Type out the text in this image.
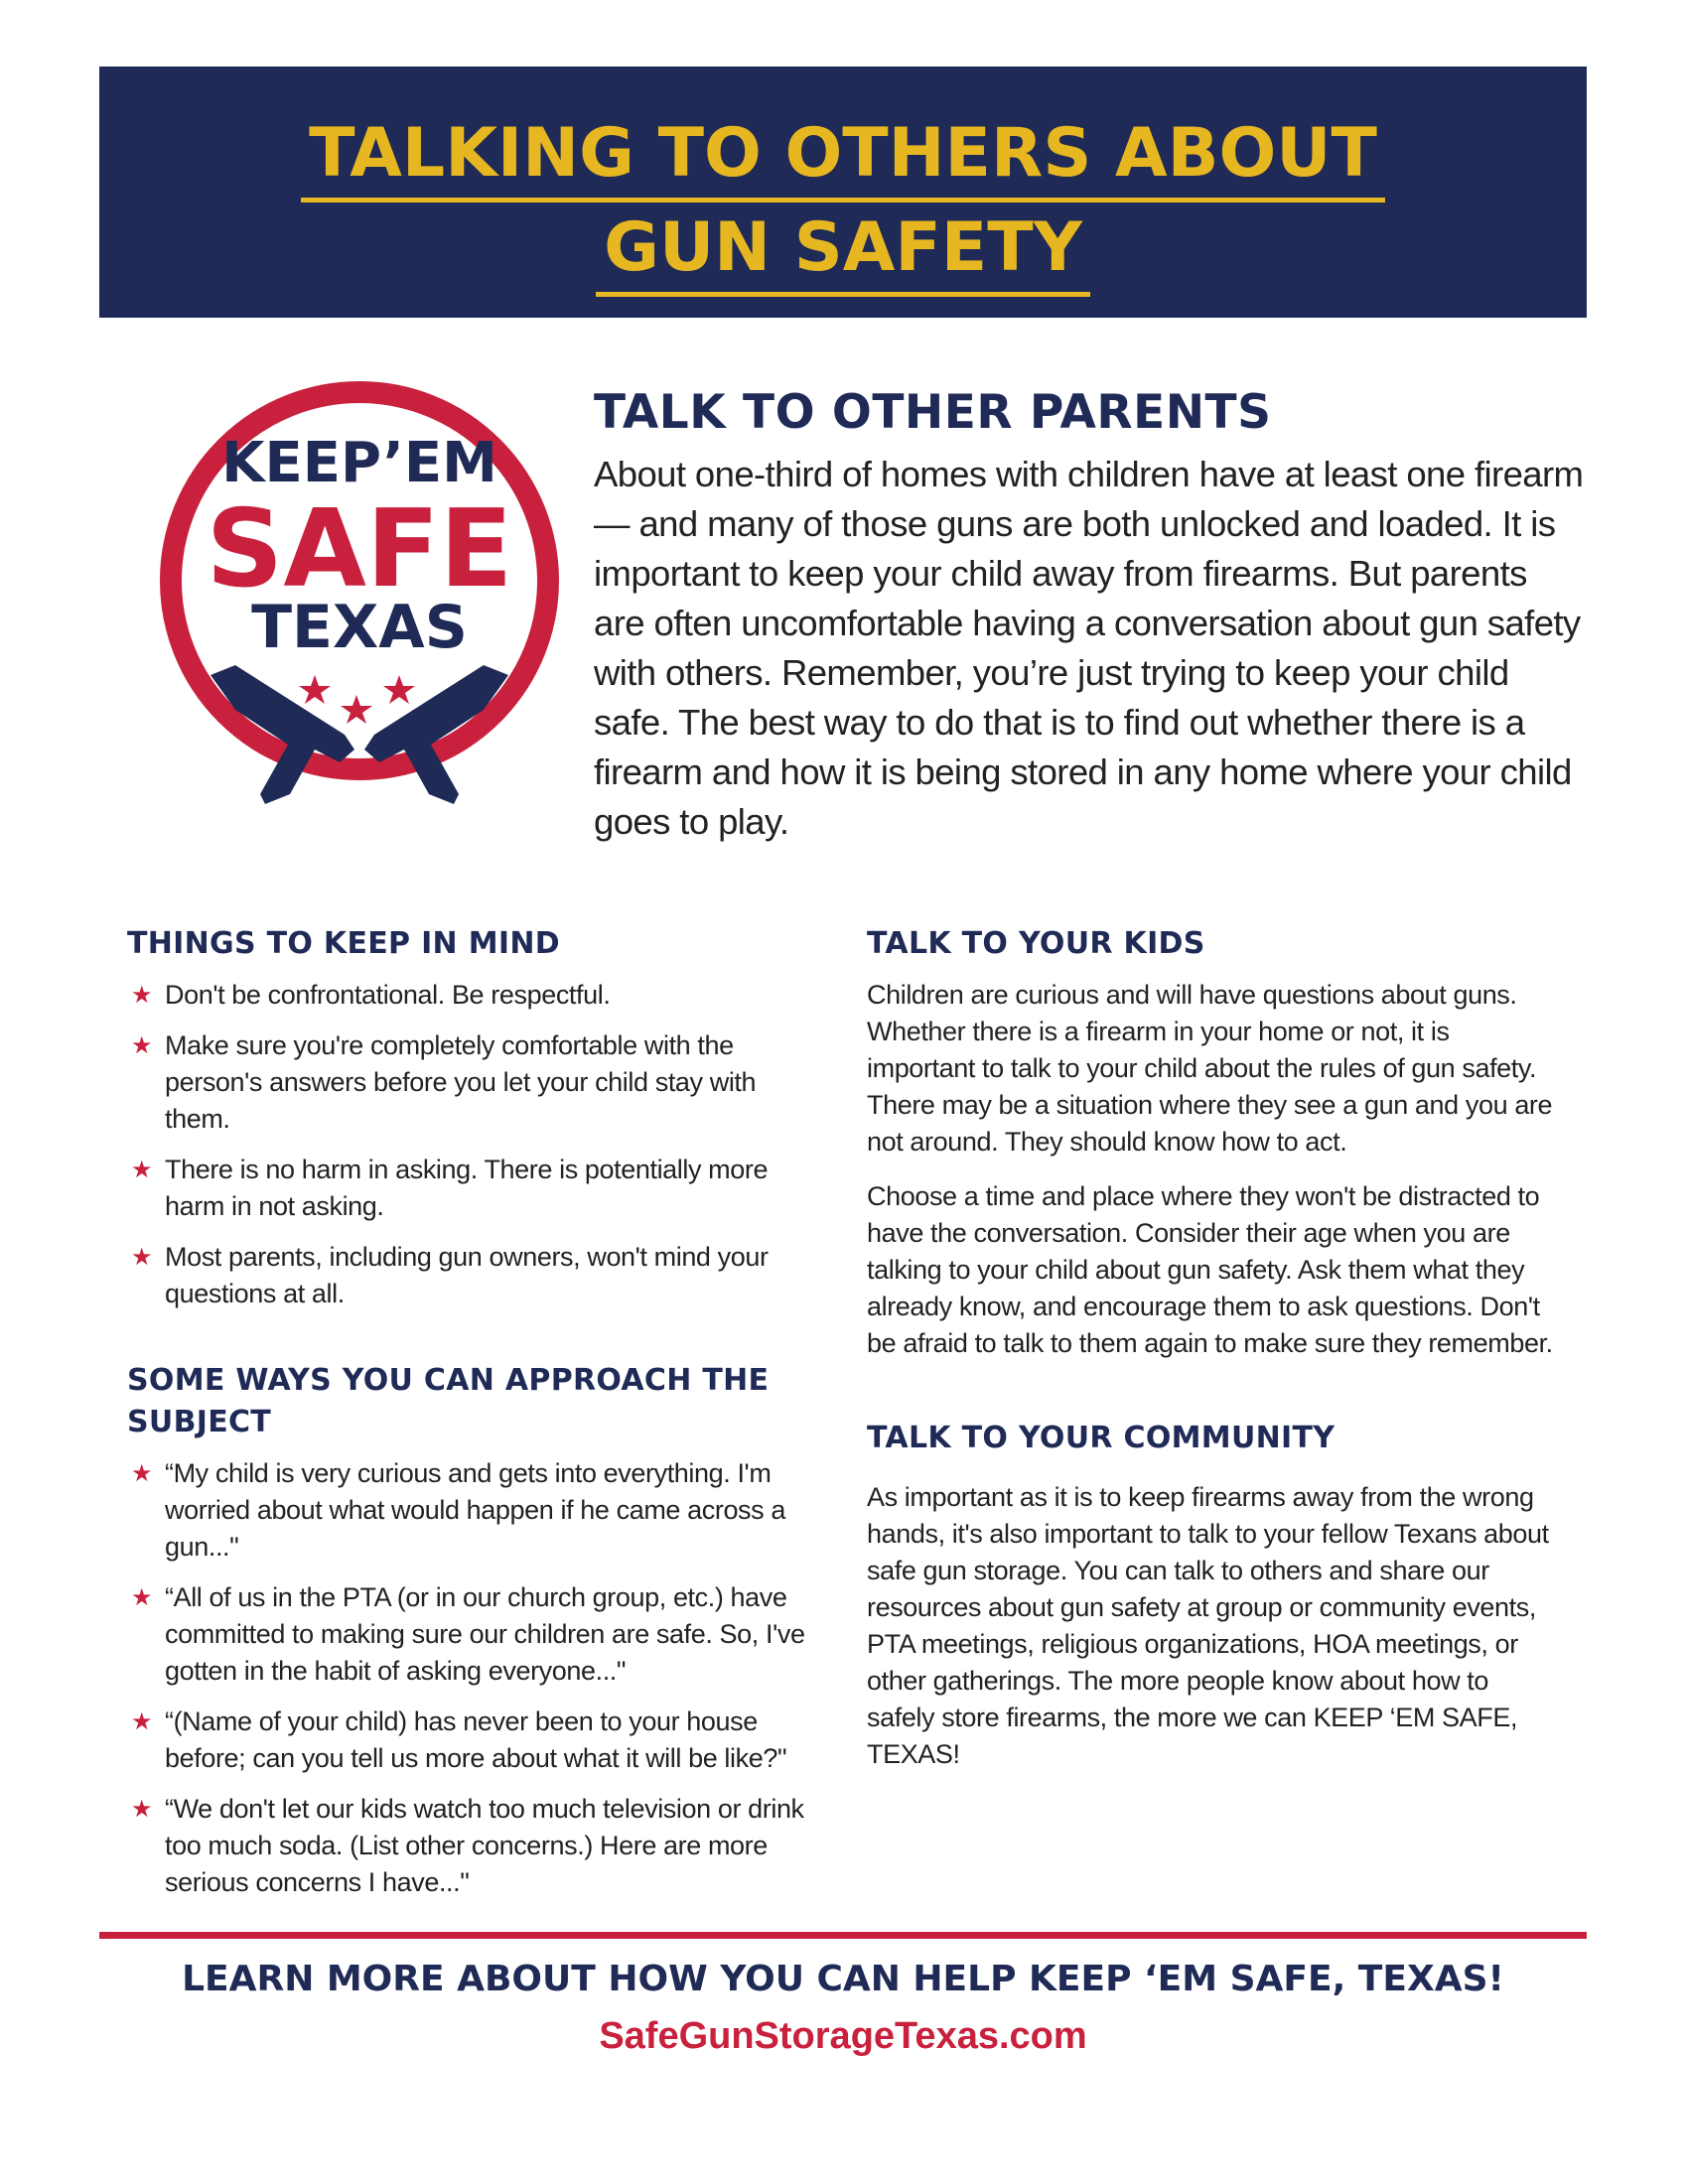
TALKING TO OTHERS ABOUT
GUN SAFETY
KEEP’EM
SAFE
TEXAS
TALK TO OTHER PARENTS

About one-third of homes with children have at least one firearm — and many of those guns are both unlocked and loaded. It is important to keep your child away from firearms. But parents are often uncomfortable having a conversation about gun safety with others. Remember, you’re just trying to keep your child safe. The best way to do that is to find out whether there is a firearm and how it is being stored in any home where your child goes to play.

THINGS TO KEEP IN MIND
★ Don't be confrontational. Be respectful.
★ Make sure you're completely comfortable with the person's answers before you let your child stay with them.
★ There is no harm in asking. There is potentially more harm in not asking.
★ Most parents, including gun owners, won't mind your questions at all.
SOME WAYS YOU CAN APPROACH THE SUBJECT
★ “My child is very curious and gets into everything. I'm worried about what would happen if he came across a gun..."
★ “All of us in the PTA (or in our church group, etc.) have committed to making sure our children are safe. So, I've gotten in the habit of asking everyone..."
★ “(Name of your child) has never been to your house before; can you tell us more about what it will be like?"
★ “We don't let our kids watch too much television or drink too much soda. (List other concerns.) Here are more serious concerns I have..."
TALK TO YOUR KIDS

Children are curious and will have questions about guns. Whether there is a firearm in your home or not, it is important to talk to your child about the rules of gun safety. There may be a situation where they see a gun and you are not around. They should know how to act.

Choose a time and place where they won't be distracted to have the conversation. Consider their age when you are talking to your child about gun safety. Ask them what they already know, and encourage them to ask questions. Don't be afraid to talk to them again to make sure they remember.

TALK TO YOUR COMMUNITY

As important as it is to keep firearms away from the wrong hands, it's also important to talk to your fellow Texans about safe gun storage. You can talk to others and share our resources about gun safety at group or community events, PTA meetings, religious organizations, HOA meetings, or other gatherings. The more people know about how to safely store firearms, the more we can KEEP ‘EM SAFE, TEXAS!

LEARN MORE ABOUT HOW YOU CAN HELP KEEP ‘EM SAFE, TEXAS!
SafeGunStorageTexas.com
